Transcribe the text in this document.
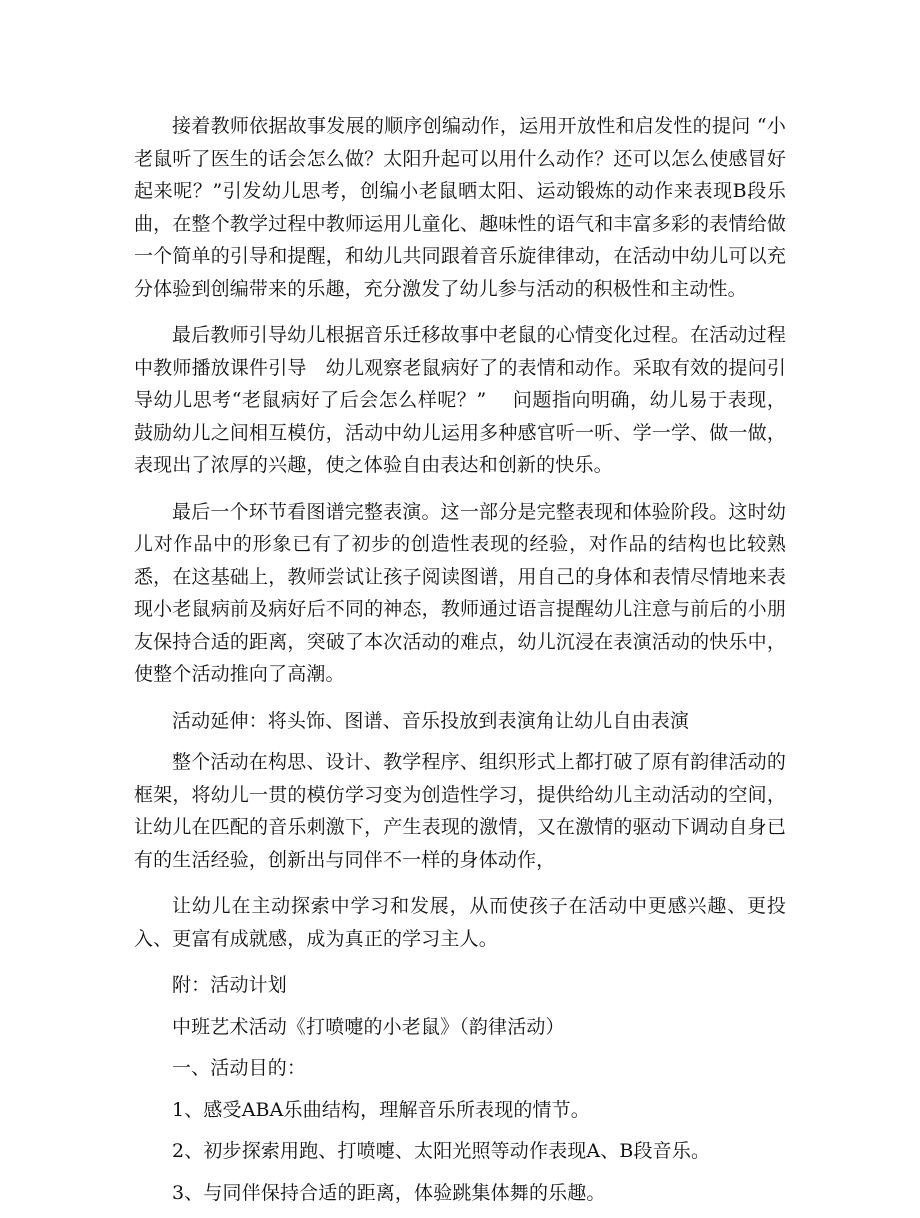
接着教师依据故事发展的顺序创编动作，运用开放性和启发性的提问 “小老鼠听了医生的话会怎么做？太阳升起可以用什么动作？还可以怎么使感冒好起来呢？”引发幼儿思考，创编小老鼠晒太阳、运动锻炼的动作来表现B段乐曲，在整个教学过程中教师运用儿童化、趣味性的语气和丰富多彩的表情给做一个简单的引导和提醒，和幼儿共同跟着音乐旋律律动，在活动中幼儿可以充分体验到创编带来的乐趣，充分激发了幼儿参与活动的积极性和主动性。

最后教师引导幼儿根据音乐迁移故事中老鼠的心情变化过程。在活动过程中教师播放课件引导　幼儿观察老鼠病好了的表情和动作。采取有效的提问引导幼儿思考“老鼠病好了后会怎么样呢？”　 问题指向明确，幼儿易于表现，鼓励幼儿之间相互模仿，活动中幼儿运用多种感官听一听、学一学、做一做，表现出了浓厚的兴趣，使之体验自由表达和创新的快乐。

最后一个环节看图谱完整表演。这一部分是完整表现和体验阶段。这时幼儿对作品中的形象已有了初步的创造性表现的经验，对作品的结构也比较熟悉，在这基础上，教师尝试让孩子阅读图谱，用自己的身体和表情尽情地来表现小老鼠病前及病好后不同的神态，教师通过语言提醒幼儿注意与前后的小朋友保持合适的距离，突破了本次活动的难点，幼儿沉浸在表演活动的快乐中，使整个活动推向了高潮。

活动延伸：将头饰、图谱、音乐投放到表演角让幼儿自由表演

整个活动在构思、设计、教学程序、组织形式上都打破了原有韵律活动的框架，将幼儿一贯的模仿学习变为创造性学习，提供给幼儿主动活动的空间，让幼儿在匹配的音乐刺激下，产生表现的激情，又在激情的驱动下调动自身已有的生活经验，创新出与同伴不一样的身体动作，

让幼儿在主动探索中学习和发展，从而使孩子在活动中更感兴趣、更投入、更富有成就感，成为真正的学习主人。

附：活动计划

中班艺术活动《打喷嚏的小老鼠》（韵律活动）

一、活动目的：

1、感受ABA乐曲结构，理解音乐所表现的情节。

2、初步探索用跑、打喷嚏、太阳光照等动作表现A、B段音乐。

3、与同伴保持合适的距离，体验跳集体舞的乐趣。
